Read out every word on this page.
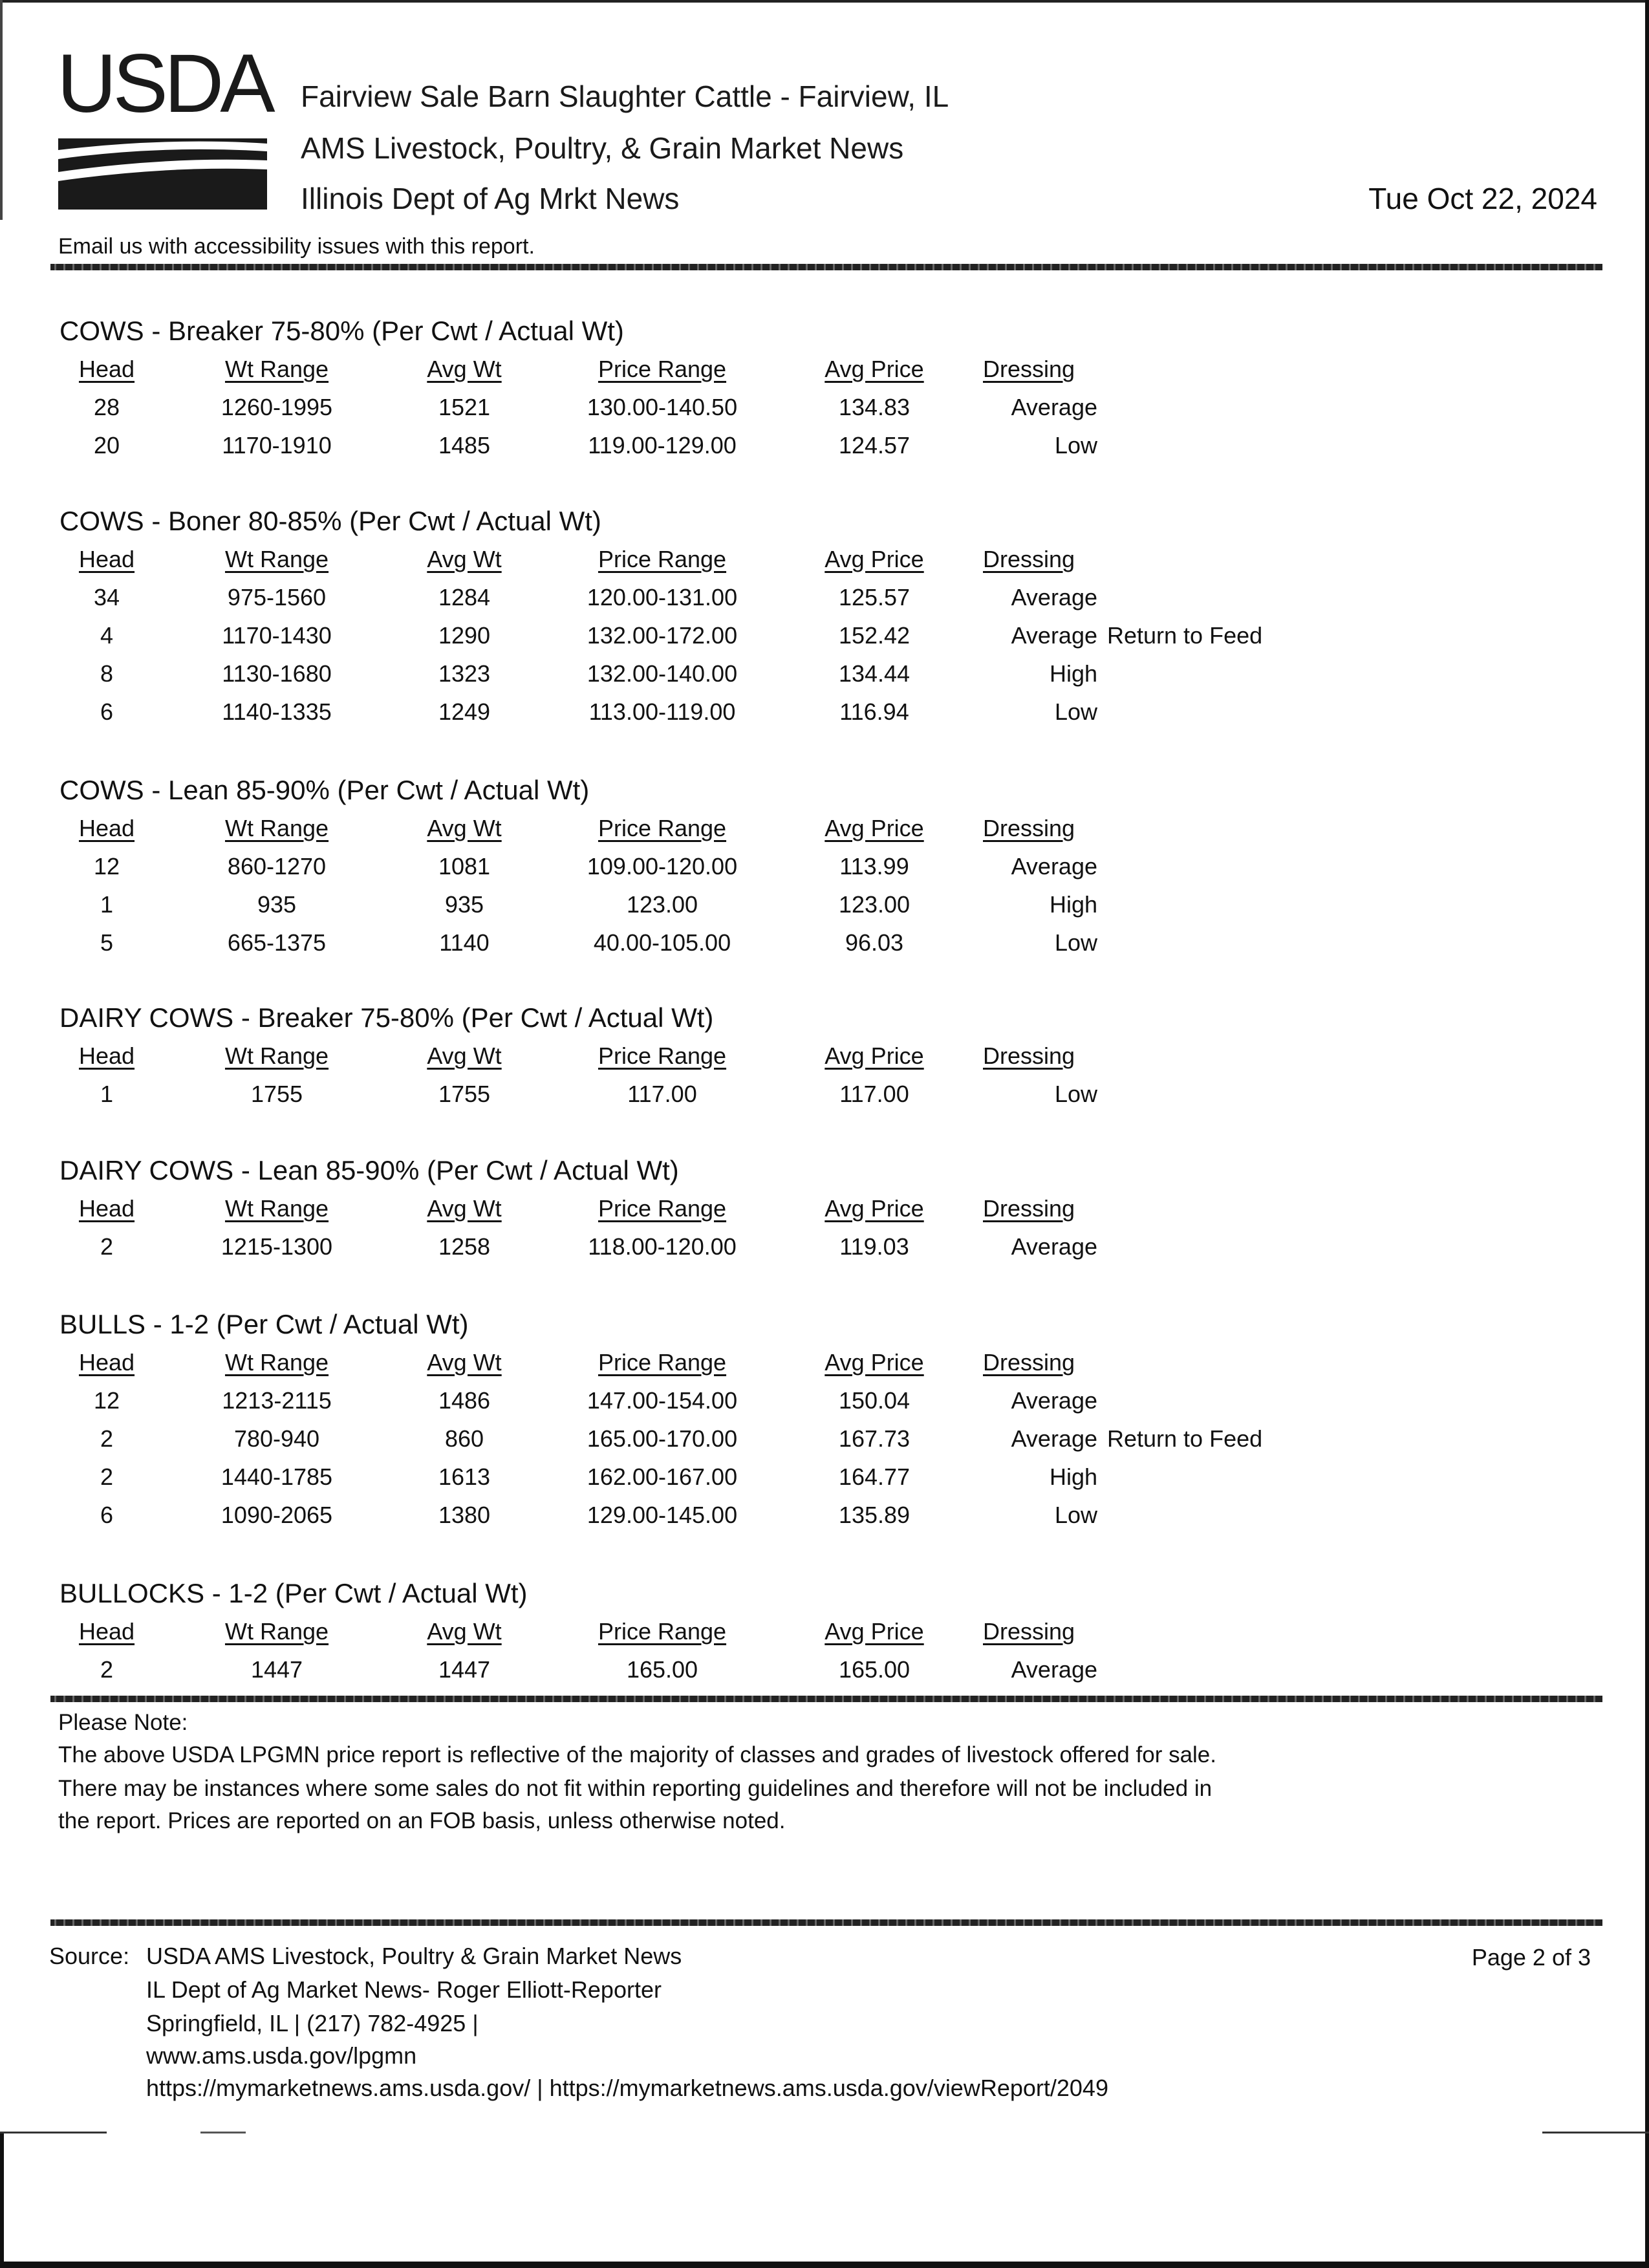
USDA Fairview Sale Barn Slaughter Cattle - Fairview, IL
AMS Livestock, Poultry, & Grain Market News
Illinois Dept of Ag Mrkt News	Tue Oct 22, 2024
Email us with accessibility issues with this report.
COWS - Breaker 75-80% (Per Cwt / Actual Wt)
Head	Wt Range	Avg Wt	Price Range	Avg Price	Dressing
28	1260-1995	1521	130.00-140.50	134.83	Average
20	1170-1910	1485	119.00-129.00	124.57	Low
COWS - Boner 80-85% (Per Cwt / Actual Wt)
Head	Wt Range	Avg Wt	Price Range	Avg Price	Dressing
34	975-1560	1284	120.00-131.00	125.57	Average
4	1170-1430	1290	132.00-172.00	152.42	Average Return to Feed
8	1130-1680	1323	132.00-140.00	134.44	High
6	1140-1335	1249	113.00-119.00	116.94	Low
COWS - Lean 85-90% (Per Cwt / Actual Wt)
Head	Wt Range	Avg Wt	Price Range	Avg Price	Dressing
12	860-1270	1081	109.00-120.00	113.99	Average
1	935	935	123.00	123.00	High
5	665-1375	1140	40.00-105.00	96.03	Low
DAIRY COWS - Breaker 75-80% (Per Cwt / Actual Wt)
Head	Wt Range	Avg Wt	Price Range	Avg Price	Dressing
1	1755	1755	117.00	117.00	Low
DAIRY COWS - Lean 85-90% (Per Cwt / Actual Wt)
Head	Wt Range	Avg Wt	Price Range	Avg Price	Dressing
2	1215-1300	1258	118.00-120.00	119.03	Average
BULLS - 1-2 (Per Cwt / Actual Wt)
Head	Wt Range	Avg Wt	Price Range	Avg Price	Dressing
12	1213-2115	1486	147.00-154.00	150.04	Average
2	780-940	860	165.00-170.00	167.73	Average Return to Feed
2	1440-1785	1613	162.00-167.00	164.77	High
6	1090-2065	1380	129.00-145.00	135.89	Low
BULLOCKS - 1-2 (Per Cwt / Actual Wt)
Head	Wt Range	Avg Wt	Price Range	Avg Price	Dressing
2	1447	1447	165.00	165.00	Average
Please Note:
The above USDA LPGMN price report is reflective of the majority of classes and grades of livestock offered for sale.
There may be instances where some sales do not fit within reporting guidelines and therefore will not be included in
the report. Prices are reported on an FOB basis, unless otherwise noted.
Source: USDA AMS Livestock, Poultry & Grain Market News
IL Dept of Ag Market News- Roger Elliott-Reporter
Springfield, IL | (217) 782-4925 |
www.ams.usda.gov/lpgmn
https://mymarketnews.ams.usda.gov/ | https://mymarketnews.ams.usda.gov/viewReport/2049
Page 2 of 3
